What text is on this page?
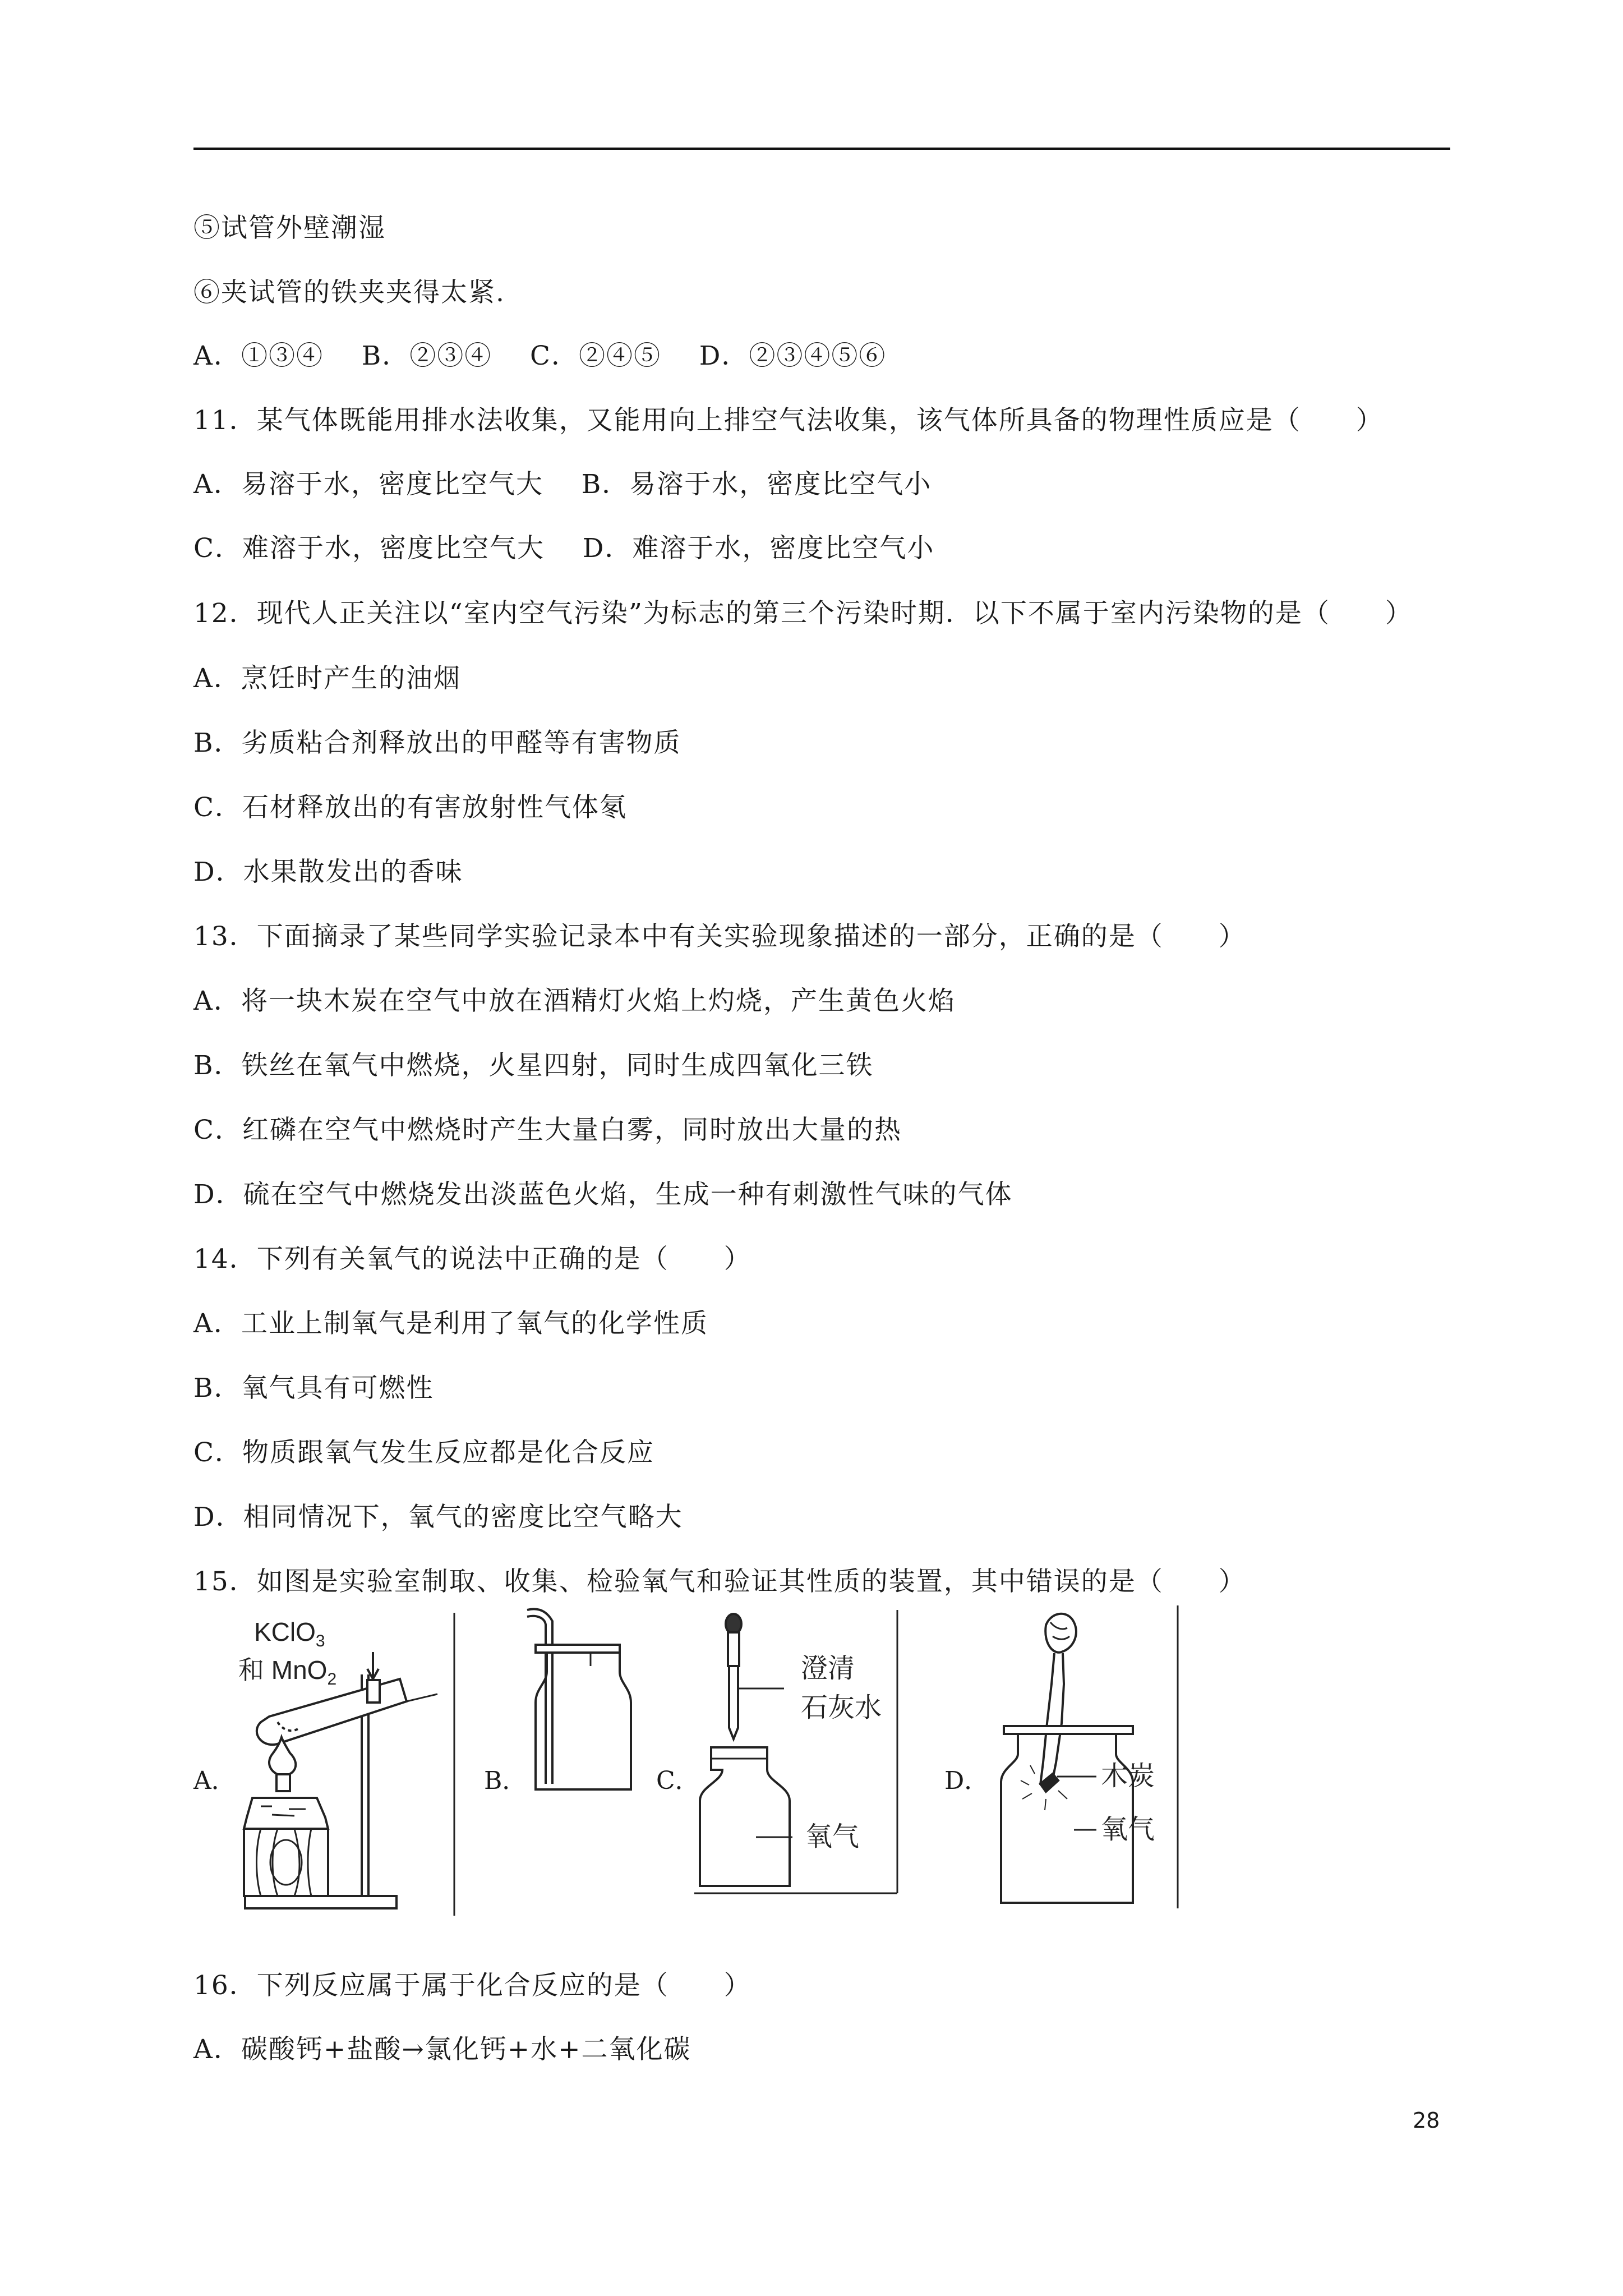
⑤试管外壁潮湿
⑥夹试管的铁夹夹得太紧.
A．①③④    B．②③④    C．②④⑤    D．②③④⑤⑥
11．某气体既能用排水法收集，又能用向上排空气法收集，该气体所具备的物理性质应是（　　）
A．易溶于水，密度比空气大    B．易溶于水，密度比空气小
C．难溶于水，密度比空气大    D．难溶于水，密度比空气小
12．现代人正关注以“室内空气污染”为标志的第三个污染时期．以下不属于室内污染物的是（　　）
A．烹饪时产生的油烟
B．劣质粘合剂释放出的甲醛等有害物质
C．石材释放出的有害放射性气体氡
D．水果散发出的香味
13．下面摘录了某些同学实验记录本中有关实验现象描述的一部分，正确的是（　　）
A．将一块木炭在空气中放在酒精灯火焰上灼烧，产生黄色火焰
B．铁丝在氧气中燃烧，火星四射，同时生成四氧化三铁
C．红磷在空气中燃烧时产生大量白雾，同时放出大量的热
D．硫在空气中燃烧发出淡蓝色火焰，生成一种有刺激性气味的气体
14．下列有关氧气的说法中正确的是（　　）
A．工业上制氧气是利用了氧气的化学性质
B．氧气具有可燃性
C．物质跟氧气发生反应都是化合反应
D．相同情况下，氧气的密度比空气略大
15．如图是实验室制取、收集、检验氧气和验证其性质的装置，其中错误的是（　　）
A．	B．	C．	D．
KClO$_3$
和 MnO$_2$	澄清
石灰水
氧气
木炭
氧气
16．下列反应属于属于化合反应的是（　　）
A．碳酸钙+盐酸→氯化钙+水+二氧化碳
28
